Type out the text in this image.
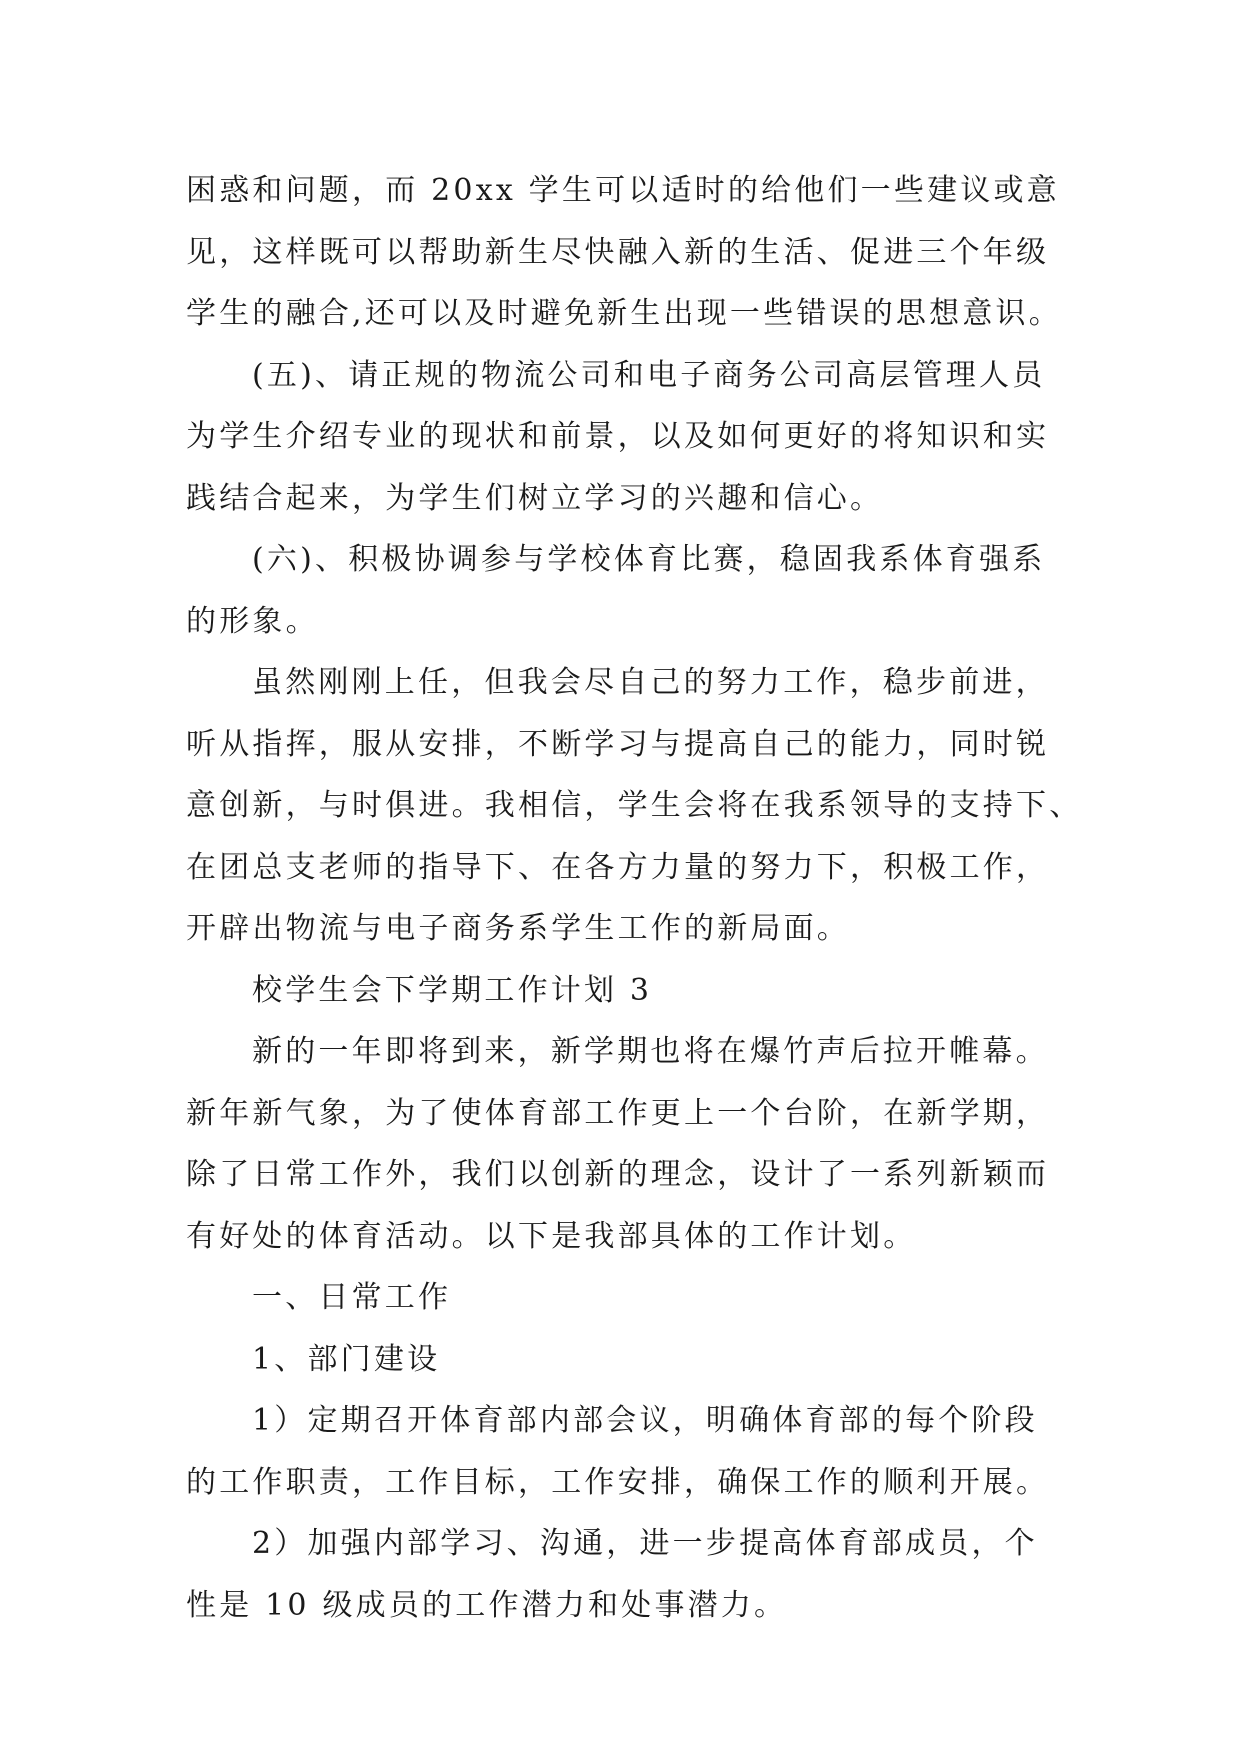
困惑和问题，而 20xx 学生可以适时的给他们一些建议或意
见，这样既可以帮助新生尽快融入新的生活、促进三个年级
学生的融合,还可以及时避免新生出现一些错误的思想意识。
(五)、请正规的物流公司和电子商务公司高层管理人员
为学生介绍专业的现状和前景，以及如何更好的将知识和实
践结合起来，为学生们树立学习的兴趣和信心。
(六)、积极协调参与学校体育比赛，稳固我系体育强系
的形象。
虽然刚刚上任，但我会尽自己的努力工作，稳步前进，
听从指挥，服从安排，不断学习与提高自己的能力，同时锐
意创新，与时俱进。我相信，学生会将在我系领导的支持下、
在团总支老师的指导下、在各方力量的努力下，积极工作，
开辟出物流与电子商务系学生工作的新局面。
校学生会下学期工作计划 3
新的一年即将到来，新学期也将在爆竹声后拉开帷幕。
新年新气象，为了使体育部工作更上一个台阶，在新学期，
除了日常工作外，我们以创新的理念，设计了一系列新颖而
有好处的体育活动。以下是我部具体的工作计划。
一、日常工作
1、部门建设
1）定期召开体育部内部会议，明确体育部的每个阶段
的工作职责，工作目标，工作安排，确保工作的顺利开展。
2）加强内部学习、沟通，进一步提高体育部成员，个
性是 10 级成员的工作潜力和处事潜力。
